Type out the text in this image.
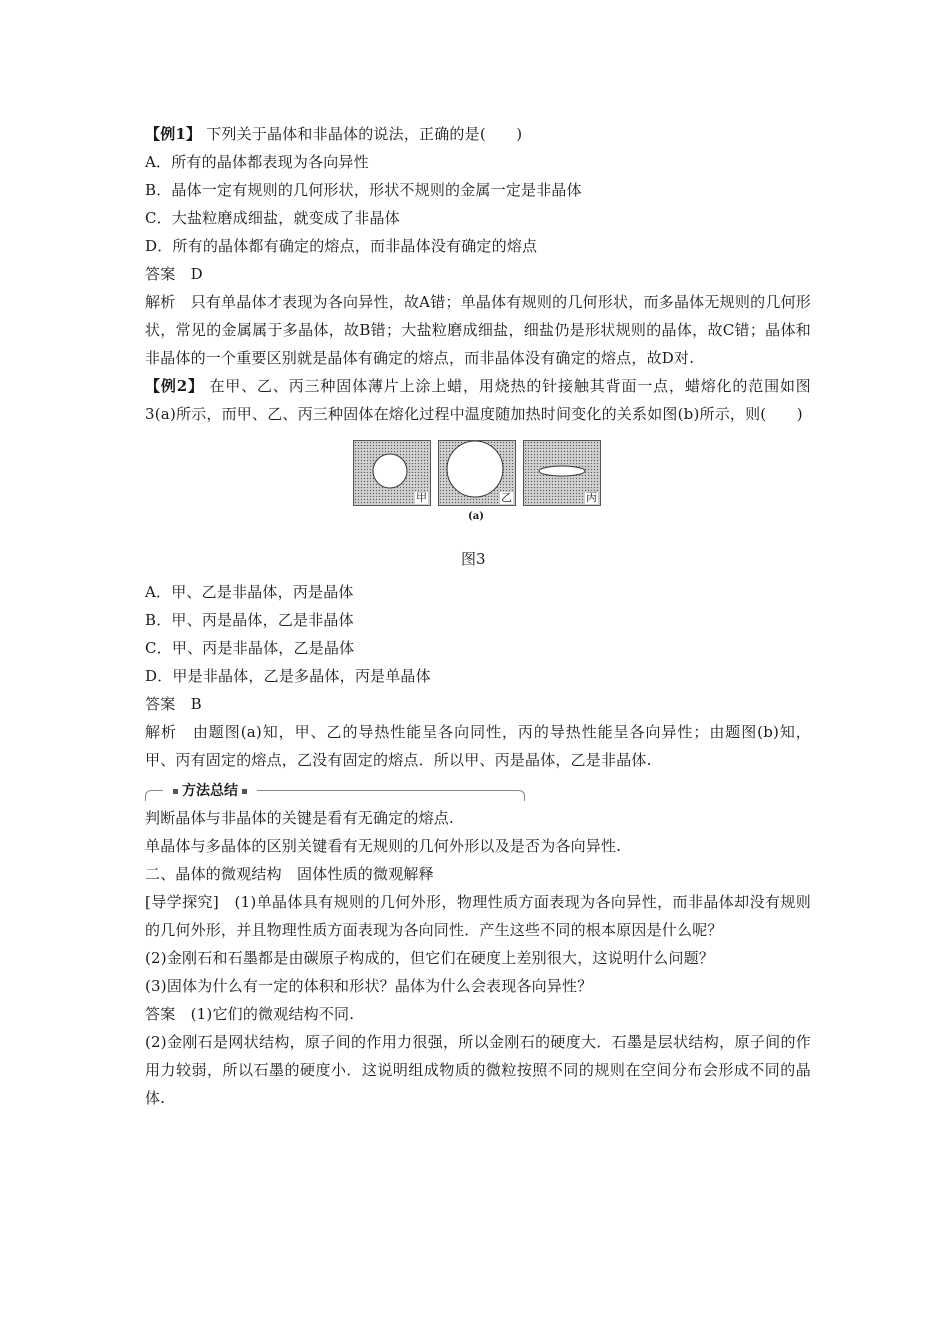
【例1】 下列关于晶体和非晶体的说法，正确的是(　　)
A．所有的晶体都表现为各向异性
B．晶体一定有规则的几何形状，形状不规则的金属一定是非晶体
C．大盐粒磨成细盐，就变成了非晶体
D．所有的晶体都有确定的熔点，而非晶体没有确定的熔点
答案　D
解析　只有单晶体才表现为各向异性，故A错；单晶体有规则的几何形状，而多晶体无规则的几何形状，常见的金属属于多晶体，故B错；大盐粒磨成细盐，细盐仍是形状规则的晶体，故C错；晶体和非晶体的一个重要区别就是晶体有确定的熔点，而非晶体没有确定的熔点，故D对.
【例2】 在甲、乙、丙三种固体薄片上涂上蜡，用烧热的针接触其背面一点，蜡熔化的范围如图3(a)所示，而甲、乙、丙三种固体在熔化过程中温度随加热时间变化的关系如图(b)所示，则(　　)
甲	乙	丙
(a)
图3
A．甲、乙是非晶体，丙是晶体
B．甲、丙是晶体，乙是非晶体
C．甲、丙是非晶体，乙是晶体
D．甲是非晶体，乙是多晶体，丙是单晶体
答案　B
解析　由题图(a)知，甲、乙的导热性能呈各向同性，丙的导热性能呈各向异性；由题图(b)知，甲、丙有固定的熔点，乙没有固定的熔点．所以甲、丙是晶体，乙是非晶体.
方法总结
判断晶体与非晶体的关键是看有无确定的熔点.
单晶体与多晶体的区别关键看有无规则的几何外形以及是否为各向异性.
二、晶体的微观结构　固体性质的微观解释
[导学探究]　(1)单晶体具有规则的几何外形，物理性质方面表现为各向异性，而非晶体却没有规则的几何外形，并且物理性质方面表现为各向同性．产生这些不同的根本原因是什么呢？
(2)金刚石和石墨都是由碳原子构成的，但它们在硬度上差别很大，这说明什么问题？
(3)固体为什么有一定的体积和形状？晶体为什么会表现各向异性？
答案　(1)它们的微观结构不同.
(2)金刚石是网状结构，原子间的作用力很强，所以金刚石的硬度大．石墨是层状结构，原子间的作用力较弱，所以石墨的硬度小．这说明组成物质的微粒按照不同的规则在空间分布会形成不同的晶体.
